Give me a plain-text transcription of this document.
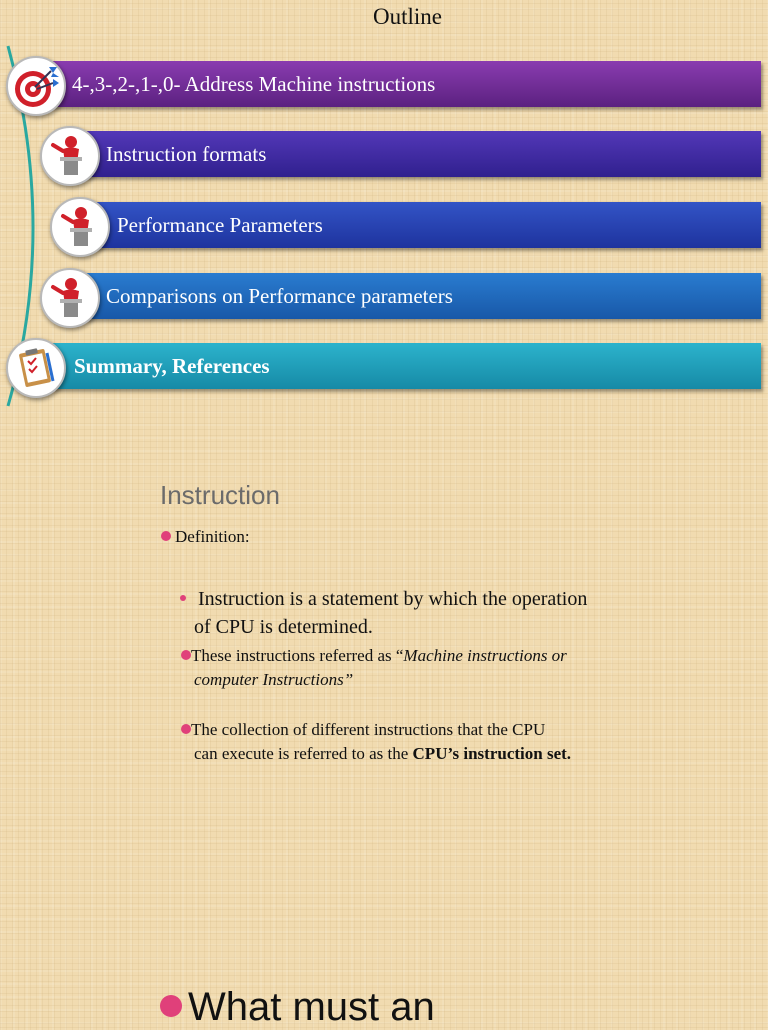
Outline
4-,3-,2-,1-,0- Address Machine instructions
Instruction formats
Performance Parameters
Comparisons on Performance parameters
Summary, References
Instruction
Definition:
Instruction is a statement by which the operation
of CPU is determined.
These instructions referred as “Machine instructions or
computer Instructions”
The collection of different instructions that the CPU
can execute is referred to as the CPU’s instruction set.
What must an
